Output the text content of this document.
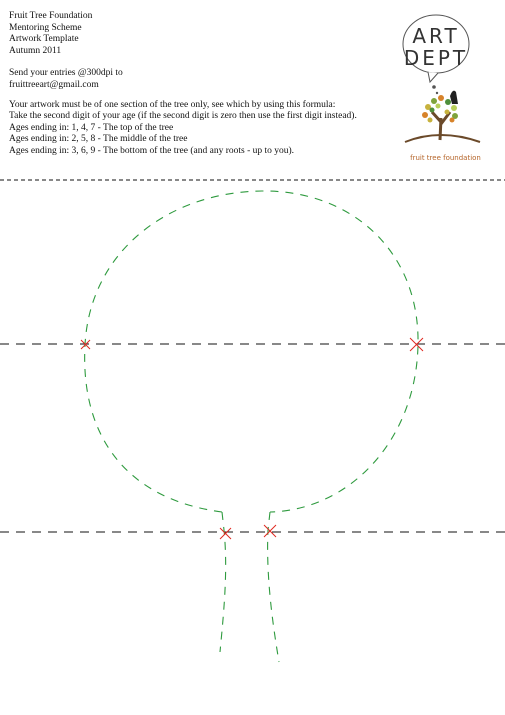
Fruit Tree Foundation
Mentoring Scheme
Artwork Template
Autumn 2011
Send your entries @300dpi to
fruittreeart@gmail.com
Your artwork must be of one section of the tree only, see which by using this formula:
Take the second digit of your age (if the second digit is zero then use the first digit instead).
Ages ending in: 1, 4, 7 - The top of the tree
Ages ending in: 2, 5, 8 - The middle of the tree
Ages ending in: 3, 6, 9 - The bottom of the tree (and any roots - up to you).
ART
DEPT
fruit tree foundation
